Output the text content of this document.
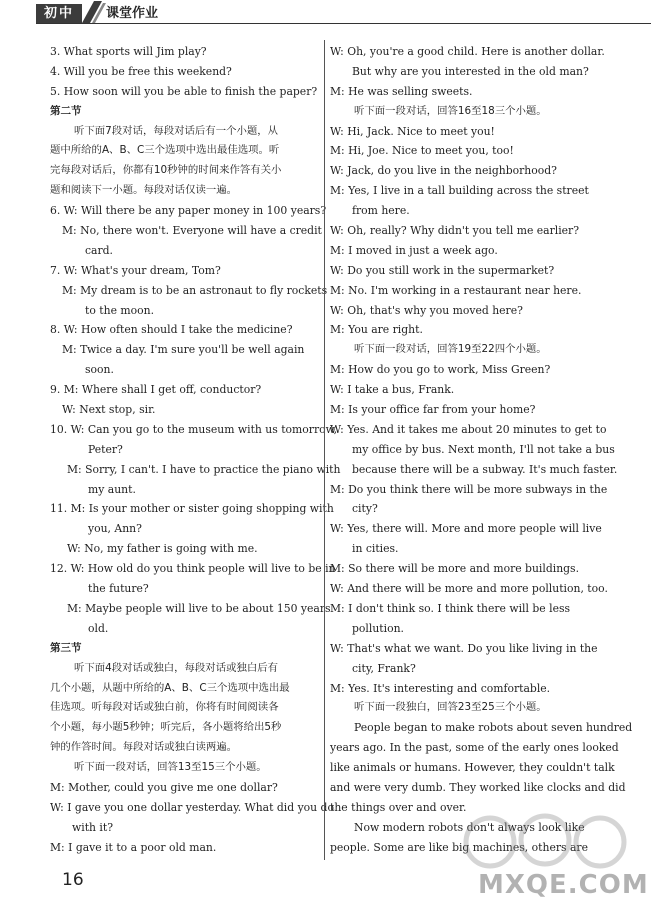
初中	课堂作业
3. What sports will Jim play?
4. Will you be free this weekend?
5. How soon will you be able to finish the paper?
第二节
听下面7段对话，每段对话后有一个小题，从
题中所给的A、B、C三个选项中选出最佳选项。听
完每段对话后，你都有10秒钟的时间来作答有关小
题和阅读下一小题。每段对话仅读一遍。
6. W: Will there be any paper money in 100 years?
M: No, there won't. Everyone will have a credit
card.
7. W: What's your dream, Tom?
M: My dream is to be an astronaut to fly rockets
to the moon.
8. W: How often should I take the medicine?
M: Twice a day. I'm sure you'll be well again
soon.
9. M: Where shall I get off, conductor?
W: Next stop, sir.
10. W: Can you go to the museum with us tomorrow,
Peter?
M: Sorry, I can't. I have to practice the piano with
my aunt.
11. M: Is your mother or sister going shopping with
you, Ann?
W: No, my father is going with me.
12. W: How old do you think people will live to be in
the future?
M: Maybe people will live to be about 150 years
old.
第三节
听下面4段对话或独白，每段对话或独白后有
几个小题，从题中所给的A、B、C三个选项中选出最
佳选项。听每段对话或独白前，你将有时间阅读各
个小题，每小题5秒钟；听完后，各小题将给出5秒
钟的作答时间。每段对话或独白读两遍。
听下面一段对话，回答13至15三个小题。
M: Mother, could you give me one dollar?
W: I gave you one dollar yesterday. What did you do
with it?
M: I gave it to a poor old man.
W: Oh, you're a good child. Here is another dollar.
But why are you interested in the old man?
M: He was selling sweets.
听下面一段对话，回答16至18三个小题。
W: Hi, Jack. Nice to meet you!
M: Hi, Joe. Nice to meet you, too!
W: Jack, do you live in the neighborhood?
M: Yes, I live in a tall building across the street
from here.
W: Oh, really? Why didn't you tell me earlier?
M: I moved in just a week ago.
W: Do you still work in the supermarket?
M: No. I'm working in a restaurant near here.
W: Oh, that's why you moved here?
M: You are right.
听下面一段对话，回答19至22四个小题。
M: How do you go to work, Miss Green?
W: I take a bus, Frank.
M: Is your office far from your home?
W: Yes. And it takes me about 20 minutes to get to
my office by bus. Next month, I'll not take a bus
because there will be a subway. It's much faster.
M: Do you think there will be more subways in the
city?
W: Yes, there will. More and more people will live
in cities.
M: So there will be more and more buildings.
W: And there will be more and more pollution, too.
M: I don't think so. I think there will be less
pollution.
W: That's what we want. Do you like living in the
city, Frank?
M: Yes. It's interesting and comfortable.
听下面一段独白，回答23至25三个小题。
People began to make robots about seven hundred
years ago. In the past, some of the early ones looked
like animals or humans. However, they couldn't talk
and were very dumb. They worked like clocks and did
the things over and over.
Now modern robots don't always look like
people. Some are like big machines, others are
16	MXQE.COM
